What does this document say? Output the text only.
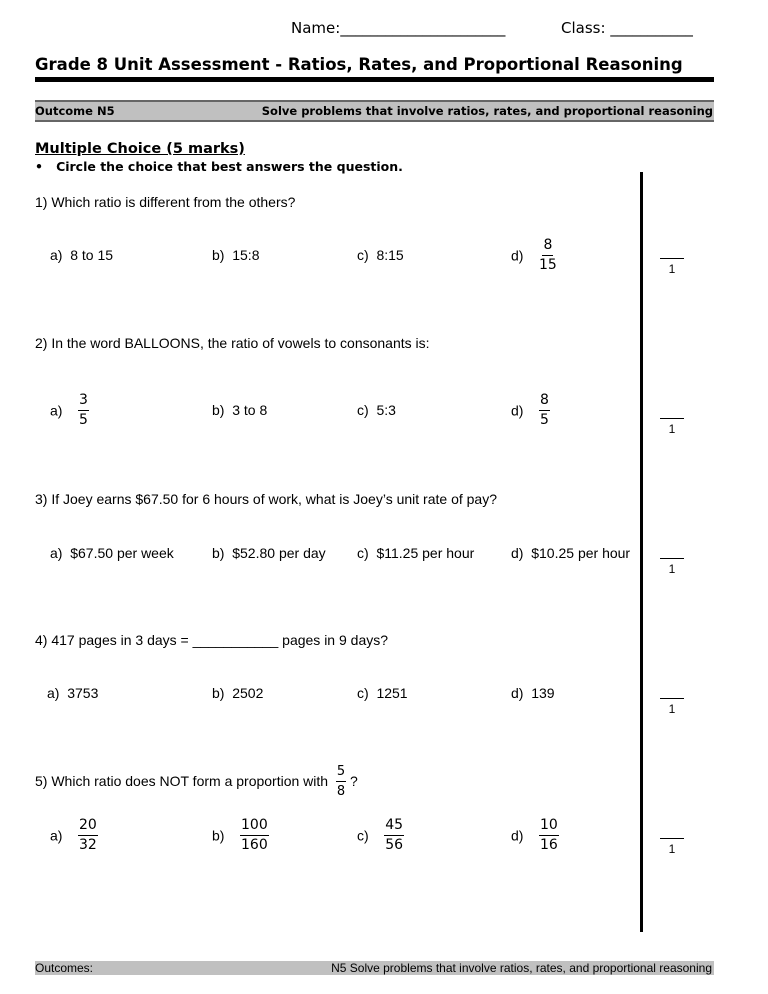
Name:______________________	Class: ___________
Grade 8 Unit Assessment - Ratios, Rates, and Proportional Reasoning
Outcome N5	Solve problems that involve ratios, rates, and proportional reasoning
Multiple Choice (5 marks)
• Circle the choice that best answers the question.
1) Which ratio is different from the others?
a) 8 to 15	b) 15:8	c) 8:15	$d) \frac{8}{15}$	1
2) In the word BALLOONS, the ratio of vowels to consonants is:
$a) \frac{3}{5}$	b) 3 to 8	c) 5:3	$d) \frac{8}{5}$	1
3) If Joey earns $67.50 for 6 hours of work, what is Joey’s unit rate of pay?
a) $67.50 per week	b) $52.80 per day c) $11.25 per hour	d) $10.25 per hour
1
4) 417 pages in 3 days = ___________ pages in 9 days?
a) 3753	b) 2502	c) 1251	d) 139
1
5) Which ratio does NOT form a proportion with $\frac{5}{8}$ ?
$a) \frac{20}{32}$	$b) \frac{100}{160}$	$c) \frac{45}{56}$	$d) \frac{10}{16}$	1
Outcomes:	N5 Solve problems that involve ratios, rates, and proportional reasoning
